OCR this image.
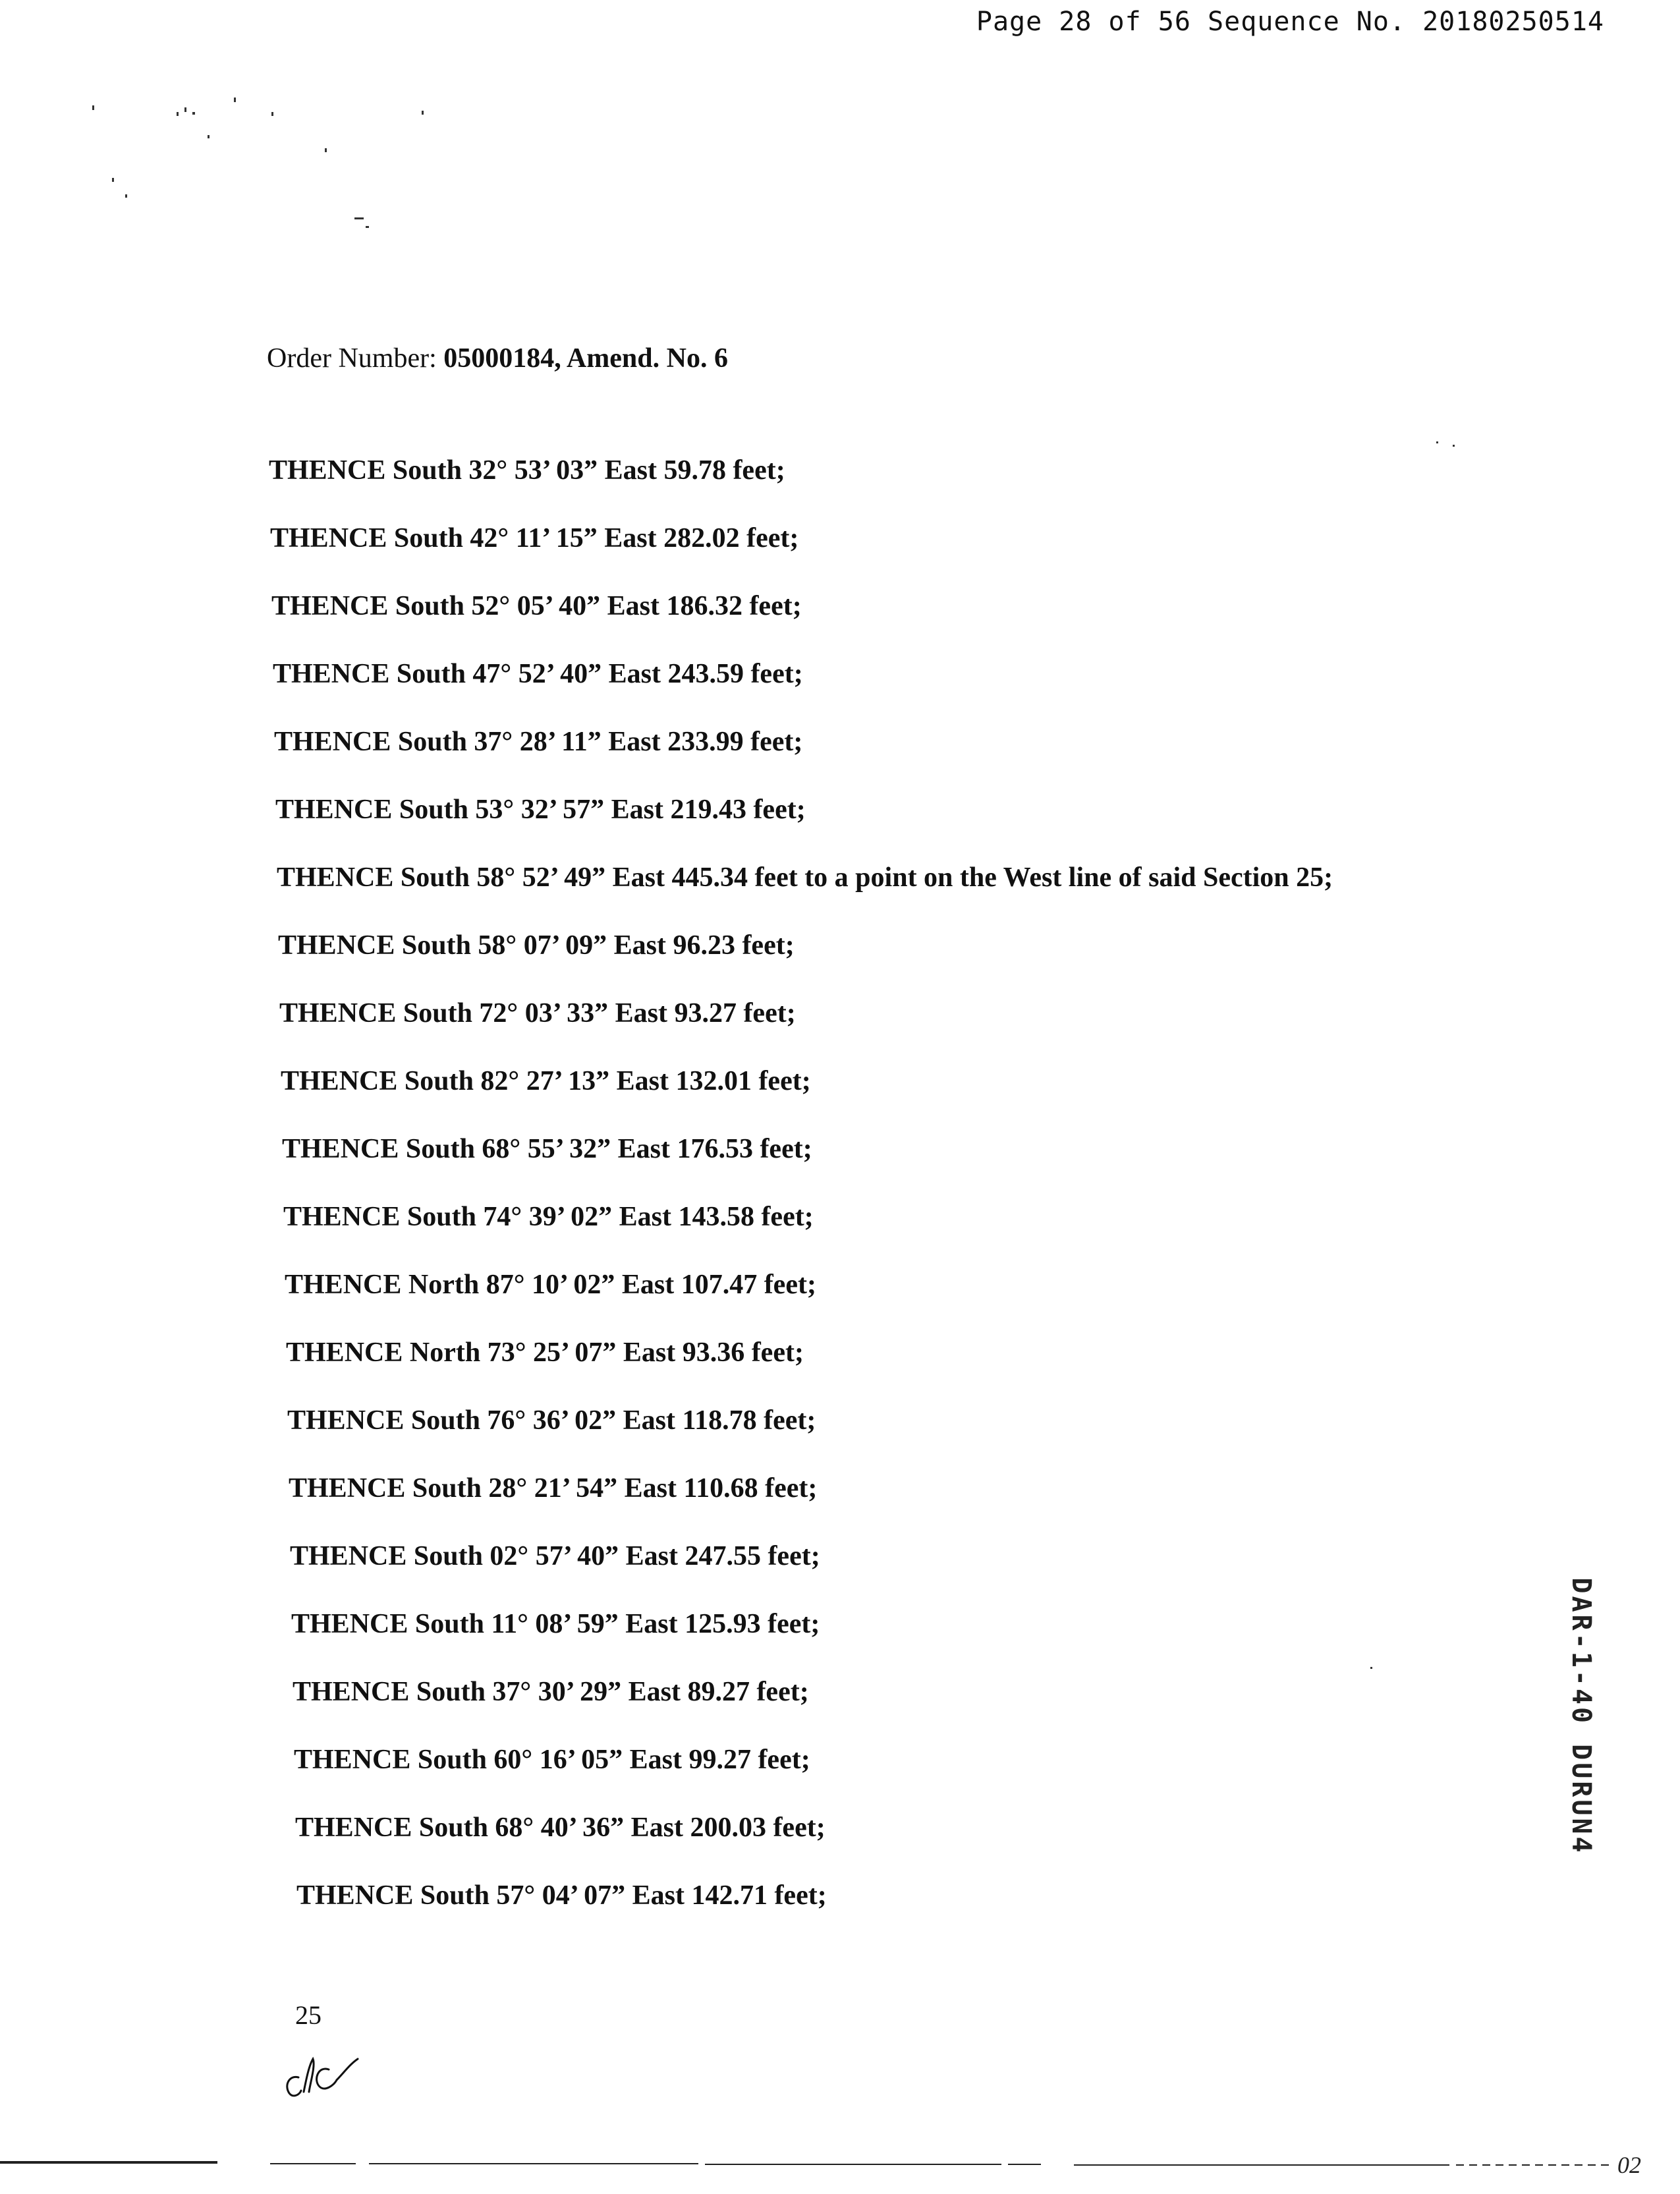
Page 28 of 56 Sequence No. 20180250514
Order Number: 05000184, Amend. No. 6
THENCE South 32° 53’ 03” East 59.78 feet;
THENCE South 42° 11’ 15” East 282.02 feet;
THENCE South 52° 05’ 40” East 186.32 feet;
THENCE South 47° 52’ 40” East 243.59 feet;
THENCE South 37° 28’ 11” East 233.99 feet;
THENCE South 53° 32’ 57” East 219.43 feet;
THENCE South 58° 52’ 49” East 445.34 feet to a point on the West line of said Section 25;
THENCE South 58° 07’ 09” East 96.23 feet;
THENCE South 72° 03’ 33” East 93.27 feet;
THENCE South 82° 27’ 13” East 132.01 feet;
THENCE South 68° 55’ 32” East 176.53 feet;
THENCE South 74° 39’ 02” East 143.58 feet;
THENCE North 87° 10’ 02” East 107.47 feet;
THENCE North 73° 25’ 07” East 93.36 feet;
THENCE South 76° 36’ 02” East 118.78 feet;
THENCE South 28° 21’ 54” East 110.68 feet;
THENCE South 02° 57’ 40” East 247.55 feet;
THENCE South 11° 08’ 59” East 125.93 feet;
THENCE South 37° 30’ 29” East 89.27 feet;
THENCE South 60° 16’ 05” East 99.27 feet;
THENCE South 68° 40’ 36” East 200.03 feet;
THENCE South 57° 04’ 07” East 142.71 feet;
25
DAR-1-40 DURUN4
02
